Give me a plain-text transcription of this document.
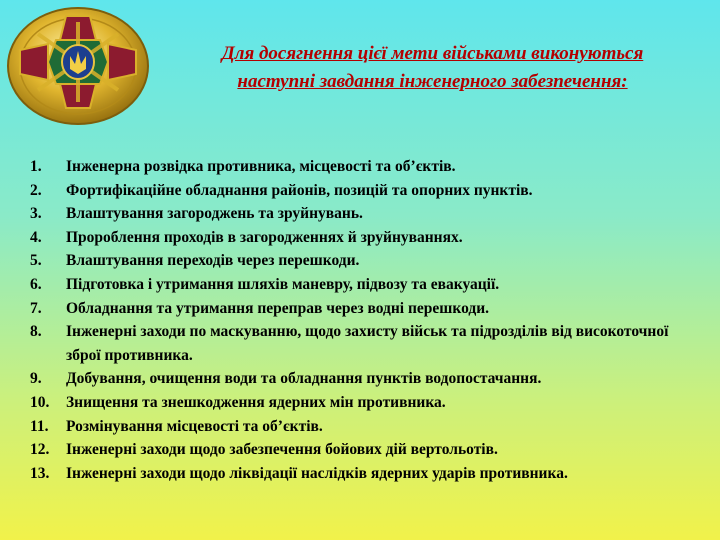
Для досягнення цієї мети військами виконуються
наступні завдання інженерного забезпечення:
1. Інженерна розвідка противника, місцевості та об’єктів.
2. Фортифікаційне обладнання районів, позицій та опорних пунктів.
3. Влаштування загороджень та зруйнувань.
4. Пророблення проходів в загородженнях й зруйнуваннях.
5. Влаштування переходів через перешкоди.
6. Підготовка і утримання шляхів маневру, підвозу та евакуації.
7. Обладнання та утримання переправ через водні перешкоди.
8. Інженерні заходи по маскуванню, щодо захисту військ та підрозділів від високоточної зброї противника.
9. Добування, очищення води та обладнання пунктів водопостачання.
10. Знищення та знешкодження ядерних мін противника.
11. Розмінування місцевості та об’єктів.
12. Інженерні заходи щодо забезпечення бойових дій вертольотів.
13. Інженерні заходи щодо ліквідації наслідків ядерних ударів противника.
